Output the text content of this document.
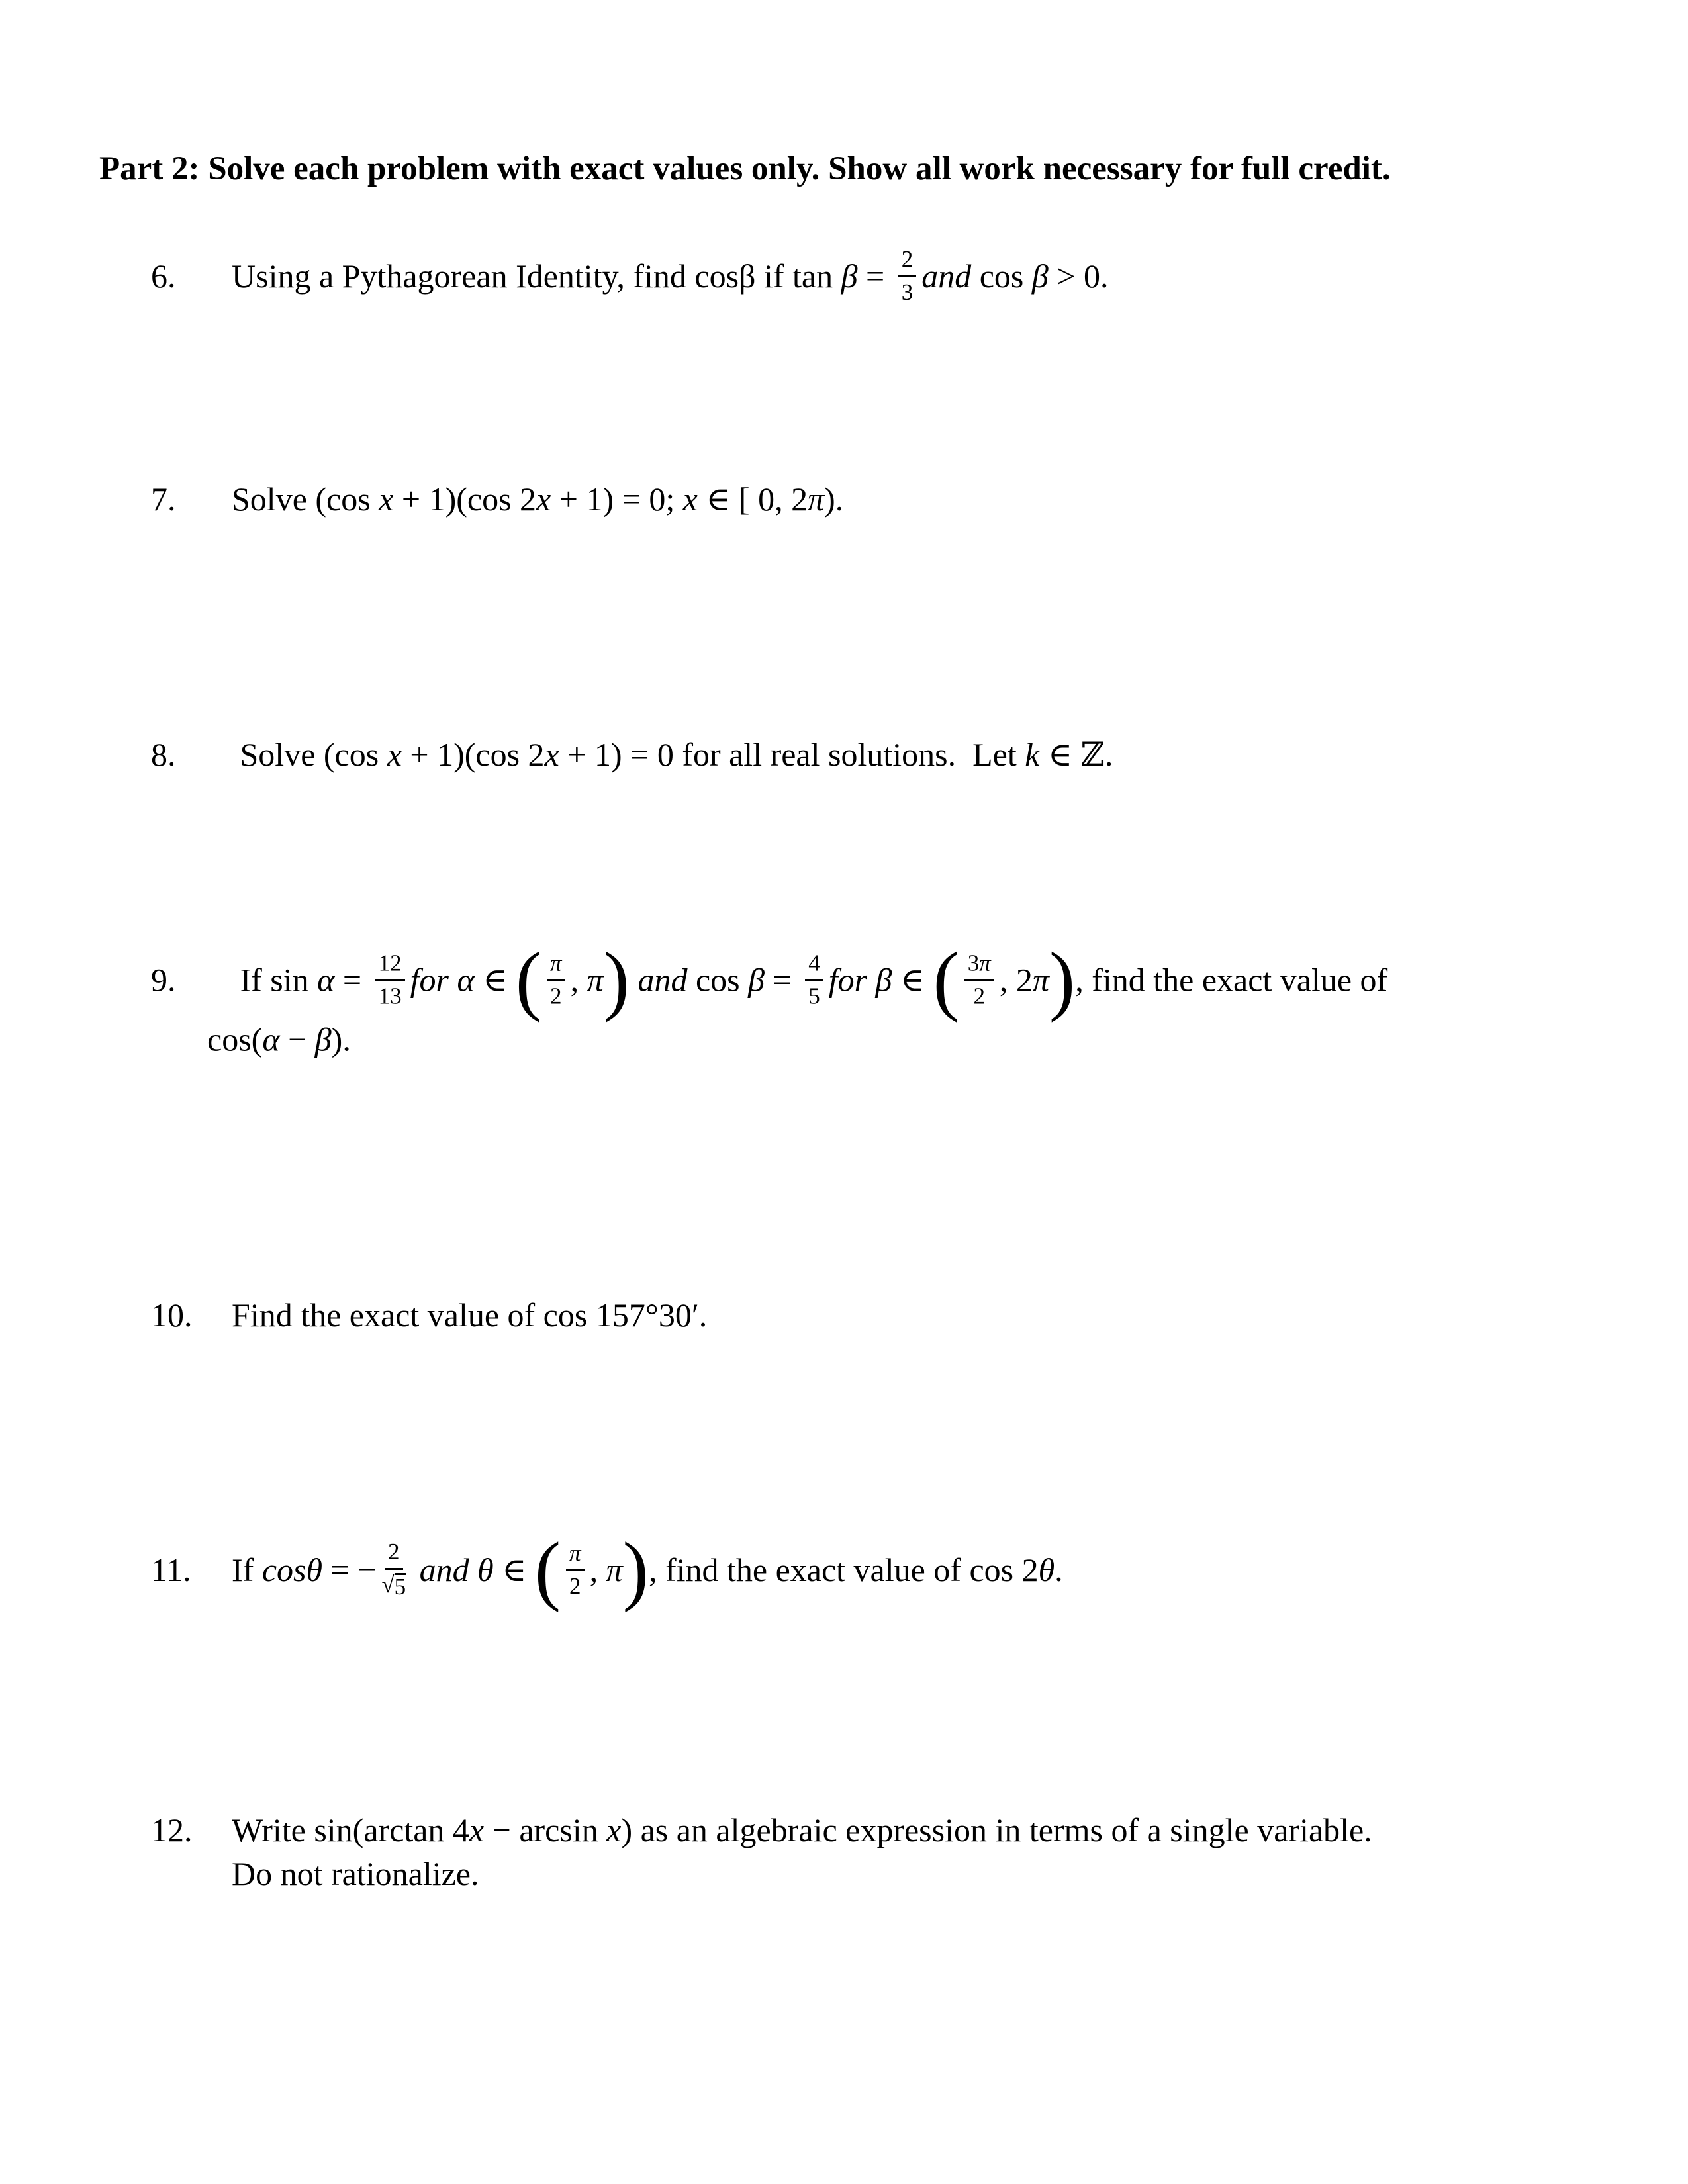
Part 2: Solve each problem with exact values only. Show all work necessary for full credit.
6.	Using a Pythagorean Identity, find cosβ if $\tan \beta = \frac{2}{3}$ and cos β > 0.
7.	Solve (cos x + 1)(cos 2 x + 1) = 0; x ∈ [ 0, 2 π ).
8.	Solve (cos x + 1)(cos 2 x + 1) = 0 for all real solutions.  Let k ∈ ℤ.
9.	If $\sin \alpha = \frac{12}{13}$ for α ∈ ( $\frac{\pi}{2}$ , π ) and $\cos \beta = \frac{4}{5}$ for β ∈ ( $\frac{3 \pi}{2}$ , 2 π ) , find the exact value of
cos( α − β ).
10.	Find the exact value of cos 157°30′.
11.	If cosθ = − $\frac{2}{√ 5}$ and θ ∈ ( $\frac{\pi}{2}$ , π ) , find the exact value of cos 2 θ .
12.	Write sin(arctan 4 x − arcsin x ) as an algebraic expression in terms of a single variable.
Do not rationalize.
